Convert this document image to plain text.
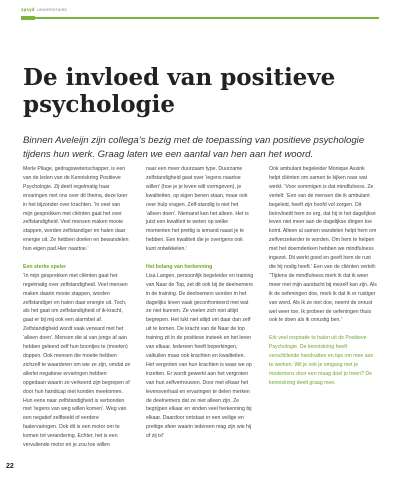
zpsyd UNIVERSITAIRE
De invloed van positieve psychologie

Binnen Aveleijn zijn collega’s bezig met de toepassing van positieve psychologie tijdens hun werk. Graag laten we een aantal van hen aan het woord.

Merle Pilage, gedragswetenschapper, is een van de leden van de Kenniskring Positieve Psychologie. Zij deelt regelmatig haar ervaringen met ons over dit thema, deze keer in het bijzonder over krachten. ‘In veel van mijn gesprekken met cliënten gaat het over zelfstandigheid. Veel mensen maken mooie stappen, worden zelfstandiger en halen daar energie uit. Ze hebben doelen en bewandelen hun eigen pad.Hier naartoe.’

Een sterke speler

‘In mijn gesprekken met cliënten gaat het regelmatig over zelfstandigheid. Veel mensen maken daarin mooie stappen, worden zelfstandiger en halen daar energie uit. Toch, als het gaat om zelfstandigheid of ik-kracht, gaat er bij mij ook een alarmbel af. Zelfstandigheid wordt vaak verward met het ‘alleen doen’. Mensen die al van jongs af aan hebben geleerd zelf hun boontjes te (moeten) doppen. Ook mensen die moeite hebben zichzelf te waarderen om wie ze zijn, omdat ze allerlei negatieve ervaringen hebben opgedaan waarin ze verkeerd zijn begrepen of door hun handicap niet konden meekomen. Hun eens naar zelfstandigheid is verbonden met ‘tegens van weg willen komen’. Weg van een negatief zelfbeeld of eerdere faalervaringen. Ook dit is een motor om te komen tot verandering. Echter, het is een vervuilende motor en je zou toe willen

naar een meer duurzaam type. Duurzame zelfstandigheid gaat over ‘iegens naartoe willen’ (hoe je je leven wilt vormgeven), je kwaliteiten, op eigen benen staan, maar ook over hulp vragen. Zelf-standig is niet het ‘alleen doen’. Niemand kan het alleen. Het is juist een kwaliteit te weten op welke momenten het prettig is iemand naast je te hebben. Een kwaliteit die je overigens ook kunt ontwikkelen.’

Het belang van herkenning

Lisa Langen, persoonlijk begeleider en training van Naar de Top, zet dit ook bij de deelnemers in de training. De deelnemers worden in het dagelijks leven vaak geconfronteerd met wat ze niet kunnen. Ze voelen zich niet altijd begrepen. Het lukt niet altijd om daar dan zelf uit te komen. De kracht van de Naar de top training zit in de positieve insteek en het leren van elkaar. Iedereen heeft beperkingen, valkuilen maar ook krachten en kwaliteiten. Het vergroten van hun krachten is waar we op inzetten. Er wordt gewerkt aan het vergroten van hun zelfvertrouwen. Door met elkaar het levensverhaal en ervaringen te delen merken de deelnemers dat ze niet alleen zijn. Ze begrijpen elkaar en vinden veel herkenning bij elkaar. Daardoor ontstaat er een veilige en prettige sfeer waarin iedereen mag zijn wie hij of zij is!’

Ook ambulant begeleider Monique Assink helpt cliënten om samen te kijken naar wat werkt. ‘Voor sommigen is dat mindfulness. Ze vertelt: ‘Een van de mensen die ik ambulant begeleid, heeft zijn hoofd vol zorgen. Dit beïnvloedt hem zo erg, dat hij in het dagelijkse leven niet meer aan de dagelijkse dingen toe komt. Alleen al samen wandelen helpt hem om zelfverzekerder te worden. Om hem te helpen met het doemdenken hebben we mindfulness ingezet. Dit werkt goed en geeft hem de rust die hij nodig heeft.’ Een van de cliënten vertelt: “Tijdens de mindfulness merk ik dat ik weer meer met mijn aandacht bij mezelf kan zijn. Als ik de oefeningen doe, merk ik dat ik er rustiger van word. Als ik ze niet doe, neemt de onrust wel weer toe. Ik probeer de oefeningen thuis ook te doen als ik onrustig ben.’

Erk veel inspiratie te halen uit de Positieve Psychologie. De kenniskring heeft verschillende handvatten en tips om mee aan te werken. Wil je ook je omgang met je medemens door een maag doel je treen? De kenniskring deelt graag mee.

22
